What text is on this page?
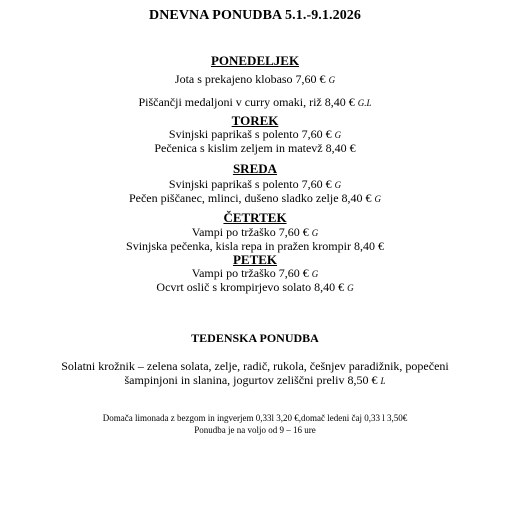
DNEVNA PONUDBA 5.1.-9.1.2026
PONEDELJEK
Jota s prekajeno klobaso 7,60 € G
Piščančji medaljoni v curry omaki, riž 8,40 € G.L
TOREK
Svinjski paprikaš s polento 7,60 € G
Pečenica s kislim zeljem in matevž 8,40 €
SREDA
Svinjski paprikaš s polento 7,60 € G
Pečen piščanec, mlinci, dušeno sladko zelje 8,40 € G
ČETRTEK
Vampi po tržaško 7,60 € G
Svinjska pečenka, kisla repa in pražen krompir 8,40 €
PETEK
Vampi po tržaško 7,60 € G
Ocvrt oslič s krompirjevo solato 8,40 € G
TEDENSKA PONUDBA
Solatni krožnik – zelena solata, zelje, radič, rukola, češnjev paradižnik, popečeni
šampinjoni in slanina, jogurtov zeliščni preliv 8,50 € L
Domača limonada z bezgom in ingverjem 0,33l 3,20 €,domač ledeni čaj 0,33 l 3,50€
Ponudba je na voljo od 9 – 16 ure
